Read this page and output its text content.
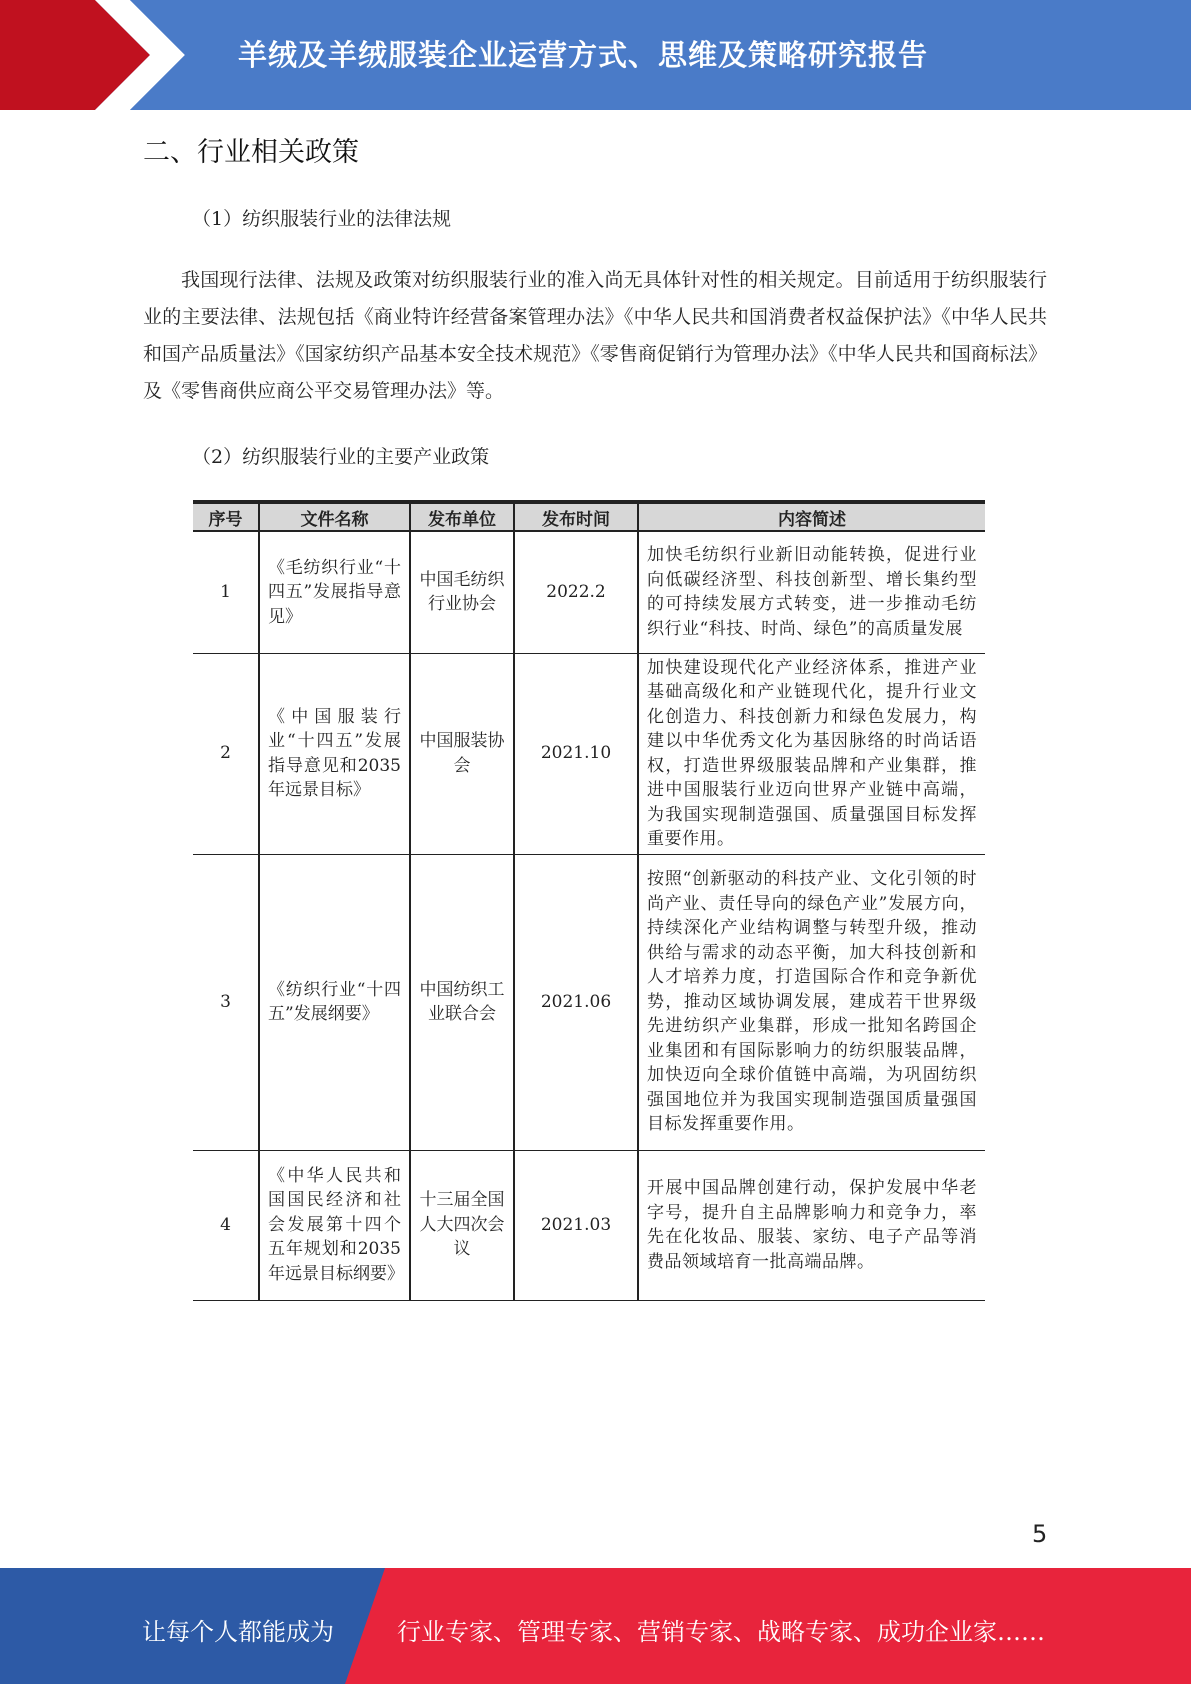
羊绒及羊绒服装企业运营方式、思维及策略研究报告
二、行业相关政策
（1）纺织服装行业的法律法规
我国现行法律、法规及政策对纺织服装行业的准入尚无具体针对性的相关规定。目前适用于纺织服装行业的主要法律、法规包括《商业特许经营备案管理办法》《中华人民共和国消费者权益保护法》《中华人民共和国产品质量法》《国家纺织产品基本安全技术规范》《零售商促销行为管理办法》《中华人民共和国商标法》及《零售商供应商公平交易管理办法》等。
（2）纺织服装行业的主要产业政策
序号	文件名称	发布单位	发布时间	内容简述
1	《毛纺织行业“十四五”发展指导意见》	中国毛纺织行业协会	2022.2	加快毛纺织行业新旧动能转换，促进行业向低碳经济型、科技创新型、增长集约型的可持续发展方式转变，进一步推动毛纺织行业“科技、时尚、绿色”的高质量发展
2	《中国服装行业“十四五”发展指导意见和2035年远景目标》	中国服装协会	2021.10	加快建设现代化产业经济体系，推进产业基础高级化和产业链现代化，提升行业文化创造力、科技创新力和绿色发展力，构建以中华优秀文化为基因脉络的时尚话语权，打造世界级服装品牌和产业集群，推进中国服装行业迈向世界产业链中高端，为我国实现制造强国、质量强国目标发挥重要作用。
3	《纺织行业“十四五”发展纲要》	中国纺织工业联合会	2021.06	按照“创新驱动的科技产业、文化引领的时尚产业、责任导向的绿色产业”发展方向，持续深化产业结构调整与转型升级，推动供给与需求的动态平衡，加大科技创新和人才培养力度，打造国际合作和竞争新优势，推动区域协调发展，建成若干世界级先进纺织产业集群，形成一批知名跨国企业集团和有国际影响力的纺织服装品牌，加快迈向全球价值链中高端，为巩固纺织强国地位并为我国实现制造强国质量强国目标发挥重要作用。
4	《中华人民共和国国民经济和社会发展第十四个五年规划和2035年远景目标纲要》	十三届全国人大四次会议	2021.03	开展中国品牌创建行动，保护发展中华老字号，提升自主品牌影响力和竞争力，率先在化妆品、服装、家纺、电子产品等消费品领域培育一批高端品牌。
5
让每个人都能成为	行业专家、管理专家、营销专家、战略专家、成功企业家……
